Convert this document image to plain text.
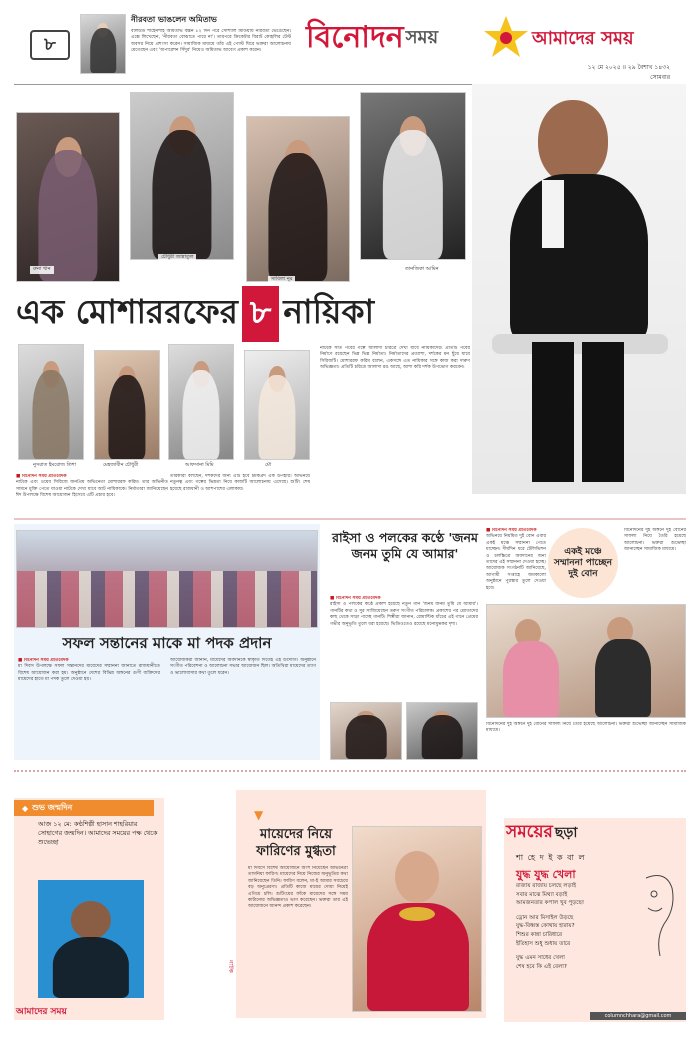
৮
নীরবতা ভাঙলেন অমিতাভ
বলিউড শাহেনশাহ অমিতাভ বচ্চন ৮২ দিন পরে সোশ্যাল মিডিয়ায় নীরবতা ভেঙেছেন। এক্সে লিখেছেন, 'নীরবতা বোঝাতে পারে না'। তারপরে ক্রিকেটার বিরাট কোহলির টেস্ট অবসর নিয়ে প্রশংসা করেন। সামাজিক মাধ্যমে তাঁর এই পোস্ট ঘিরে ভক্তরা আলোচনায় মেতেছেন এবং 'অপারেশন সিঁদুর' নিয়েও অমিতাভ আবেগ প্রকাশ করেন।	বিনোদন সময়	আমাদের সময়
১২ মে ২০২৫ ॥ ২৯ বৈশাখ ১৪৩২
সোমবার
রুনা খান
চৌধুরী জান্নাতুল
সাবিলা নূর
তানজিকা আমিন
এক মোশাররফের ৮ নায়িকা
নুসরাত ইমরোজ তিশা	মেহজাবীন চৌধুরী	আফসানা মিমি	মৌ
■ বিনোদন সময় প্রতিবেদক
নাটকে এবং ওয়েব সিরিজে জনপ্রিয় অভিনেতা মোশাররফ করিম। তার অভিনীত সামনে মুক্তি পেতে যাওয়া নাটকে দেখা যাবে আট নায়িকাকে। নির্মাতারা জানিয়েছেন ঈদ উপলক্ষে বিশেষ আয়োজন হিসেবে এটি প্রচার হবে।
তারকারা বলছেন, দর্শকদের জন্য এটি হবে চমকপ্রদ এক উপহার। অভিনয়ে নতুনত্ব এবং গল্পের ভিন্নতা নিয়ে কাজটি আলোচনায় এসেছে। শুটিং শেষ হয়েছে রাজধানী ও আশপাশের এলাকায়।
নাটকে সাত পর্বের গল্পে আলাদা চরিত্রে দেখা যাবে নায়িকাদের। প্রতিটি পর্বের নির্মাণে রয়েছেন ভিন্ন ভিন্ন নির্মাতা। নির্মাতাদের প্রত্যাশা, দর্শকের মন ছুঁয়ে যাবে সিরিজটি। মোশাররফ করিম বলেন, একসঙ্গে এত নায়িকার সঙ্গে কাজ করা দারুণ অভিজ্ঞতা। প্রতিটি চরিত্রে আলাদা রঙ আছে, আশা করি দর্শক উপভোগ করবেন।
সফল সন্তানের মাকে মা পদক প্রদান
■ বিনোদন সময় প্রতিবেদক
মা দিবস উপলক্ষে সফল সন্তানদের মায়েদের সম্মাননা জানাতে রাজধানীতে বিশেষ আয়োজন করা হয়। অনুষ্ঠানে দেশের বিভিন্ন অঙ্গনের গুণী ব্যক্তিদের মায়েদের হাতে মা পদক তুলে দেওয়া হয়।
আয়োজকরা জানান, মায়েদের অবদানকে স্বীকৃতি দিতেই এই উদ্যোগ। অনুষ্ঠানে সংগীত পরিবেশনা ও আলোচনা সভার আয়োজন ছিল। অতিথিরা মায়েদের ত্যাগ ও ভালোবাসার কথা তুলে ধরেন।
রাইসা ও পলকের কণ্ঠে 'জনম জনম তুমি যে আমার'
■ বিনোদন সময় প্রতিবেদক
রাইসা ও পলকের কণ্ঠে প্রকাশ হয়েছে নতুন গান 'জনম জনম তুমি যে আমার'। গানটির কথা ও সুর সাজিয়েছেন তরুণ সংগীত পরিচালক। প্রকাশের পর শ্রোতাদের কাছ থেকে সাড়া পাচ্ছে গানটি। শিল্পীরা জানান, রোমান্টিক ধাঁচের এই গানে প্রেমের গভীর অনুভূতি তুলে ধরা হয়েছে। ভিডিওতেও রয়েছে মনোমুগ্ধকর দৃশ্য।
■ বিনোদন সময় প্রতিবেদক
অভিনয়ে নিয়মিত দুই বোন এবার একই মঞ্চে সম্মাননা পেতে যাচ্ছেন। দীর্ঘদিন ধরে টেলিভিশন ও চলচ্চিত্রে অবদানের জন্য তাদের এই সম্মাননা দেওয়া হচ্ছে। আয়োজক সংগঠনটি জানিয়েছে, আগামী সপ্তাহে জমকালো অনুষ্ঠানে পুরস্কার তুলে দেওয়া হবে।
একই মঞ্চে সম্মাননা পাচ্ছেন দুই বোন
বিনোদনের দুই অঙ্গনে দুই বোনের সাফল্য নিয়ে তৈরি হয়েছে আলোচনা। ভক্তরা শুভেচ্ছা জানাচ্ছেন সামাজিক মাধ্যমে।
বিনোদনের দুই অঙ্গনে দুই বোনের সাফল্য নিয়ে তৈরি হয়েছে আলোচনা। ভক্তরা শুভেচ্ছা জানাচ্ছেন সামাজিক মাধ্যমে।
◆ শুভ জন্মদিন
আজ ১২ মে: কণ্ঠশিল্পী হাসান শাহরিয়ার সোহাগের জন্মদিন। আমাদের সময়ের পক্ষ থেকে শুভেচ্ছা
আমাদের সময়
▼
মায়েদের নিয়ে ফারিণের মুগ্ধতা
মা দিবসে বিশেষ আয়োজনে অংশ নিয়েছেন অভিনেত্রী তাসনিয়া ফারিণ। মায়েদের নিয়ে নিজের অনুভূতির কথা জানিয়েছেন তিনি। ফারিণ বলেন, মা-ই আমার সবচেয়ে বড় অনুপ্রেরণা। প্রতিটি কাজে মায়ের দোয়া নিয়েই এগিয়ে চলি। শুটিংয়ের ফাঁকে মায়েদের সঙ্গে সময় কাটানোর অভিজ্ঞতাও ভাগ করেছেন। ভক্তরা তার এই আয়োজনে আনন্দ প্রকাশ করেছেন।
নাটক
সময়ের ছড়া
শা হে দ ই ক বা ল
যুদ্ধ যুদ্ধ খেলা
রাজায় রাজায় চলছে লড়াই
সবার মাঝে মিথ্যা বড়াই
আমজনতার কপাল খুব পুড়ছে!
ড্রোন আর মিসাইল উড়ছে
যুদ্ধ-বিধ্বস্ত কোথায় হারায়?
শিশুর কান্না চারিধারে
ইতিহাস শুধু শুধায় তারে
যুদ্ধ এমন সাধের খেলা
শেষ হবে কি এই বেলা?
columnchhara@gmail.com
